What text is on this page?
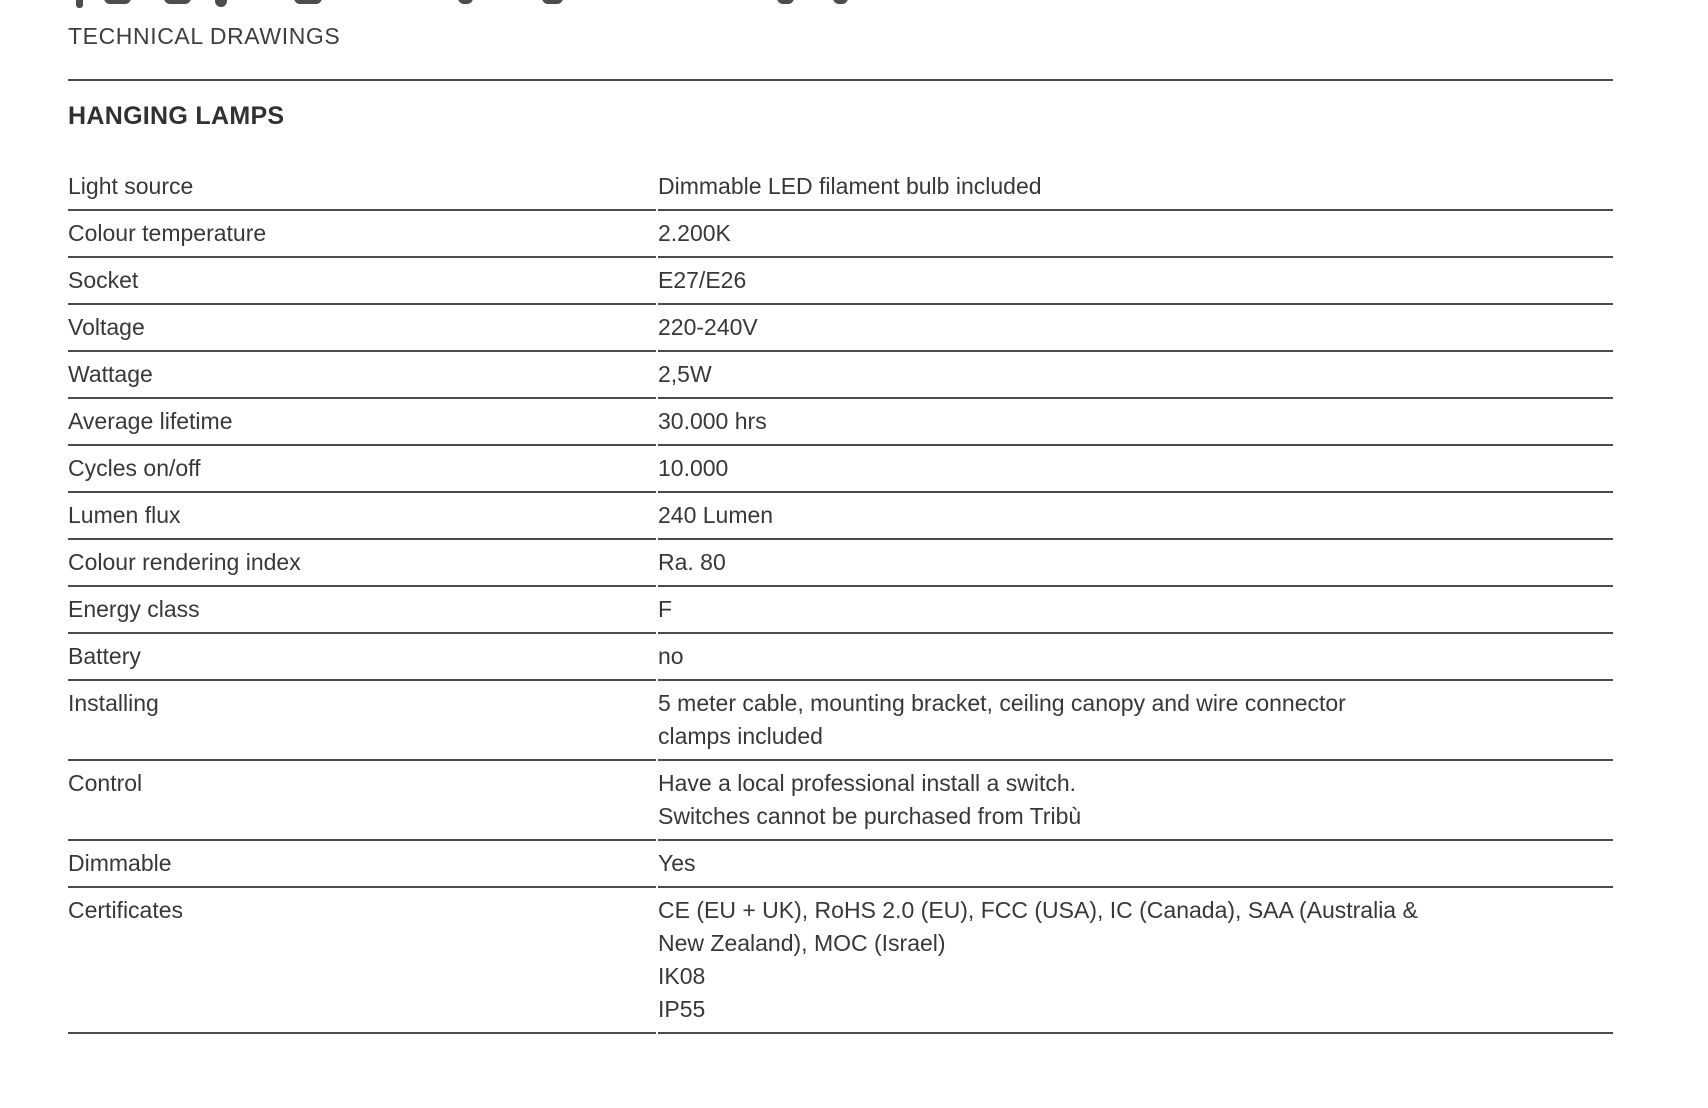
TECHNICAL DRAWINGS
HANGING LAMPS
Light source	Dimmable LED filament bulb included
Colour temperature	2.200K
Socket	E27/E26
Voltage	220-240V
Wattage	2,5W
Average lifetime	30.000 hrs
Cycles on/off	10.000
Lumen flux	240 Lumen
Colour rendering index	Ra. 80
Energy class	F
Battery	no
Installing	5 meter cable, mounting bracket, ceiling canopy and wire connector
clamps included
Control	Have a local professional install a switch.
Switches cannot be purchased from Tribù
Dimmable	Yes
Certificates	CE (EU + UK), RoHS 2.0 (EU), FCC (USA), IC (Canada), SAA (Australia &
New Zealand), MOC (Israel)
IK08
IP55
